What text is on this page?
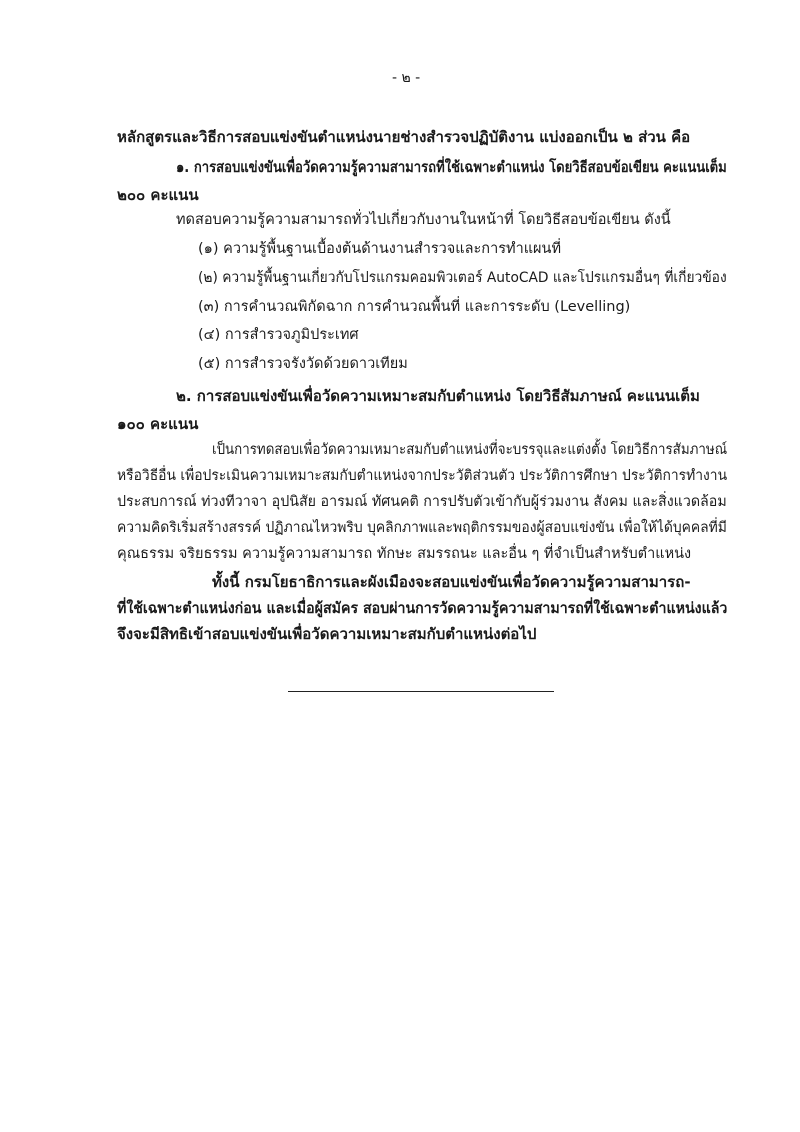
- ๒ -
หลักสูตรและวิธีการสอบแข่งขันตำแหน่งนายช่างสำรวจปฏิบัติงาน แบ่งออกเป็น ๒ ส่วน คือ
๑. การสอบแข่งขันเพื่อวัดความรู้ความสามารถที่ใช้เฉพาะตำแหน่ง โดยวิธีสอบข้อเขียน คะแนนเต็ม
๒๐๐ คะแนน
ทดสอบความรู้ความสามารถทั่วไปเกี่ยวกับงานในหน้าที่ โดยวิธีสอบข้อเขียน ดังนี้
(๑) ความรู้พื้นฐานเบื้องต้นด้านงานสำรวจและการทำแผนที่
(๒) ความรู้พื้นฐานเกี่ยวกับโปรแกรมคอมพิวเตอร์ AutoCAD และโปรแกรมอื่นๆ ที่เกี่ยวข้อง
(๓) การคำนวณพิกัดฉาก การคำนวณพื้นที่ และการระดับ (Levelling)
(๔) การสำรวจภูมิประเทศ
(๕) การสำรวจรังวัดด้วยดาวเทียม
๒. การสอบแข่งขันเพื่อวัดความเหมาะสมกับตำแหน่ง โดยวิธีสัมภาษณ์ คะแนนเต็ม
๑๐๐ คะแนน
เป็นการทดสอบเพื่อวัดความเหมาะสมกับตำแหน่งที่จะบรรจุและแต่งตั้ง โดยวิธีการสัมภาษณ์
หรือวิธีอื่น เพื่อประเมินความเหมาะสมกับตำแหน่งจากประวัติส่วนตัว ประวัติการศึกษา ประวัติการทำงาน
ประสบการณ์ ท่วงทีวาจา อุปนิสัย อารมณ์ ทัศนคติ การปรับตัวเข้ากับผู้ร่วมงาน สังคม และสิ่งแวดล้อม
ความคิดริเริ่มสร้างสรรค์ ปฏิภาณไหวพริบ บุคลิกภาพและพฤติกรรมของผู้สอบแข่งขัน เพื่อให้ได้บุคคลที่มี
คุณธรรม จริยธรรม ความรู้ความสามารถ ทักษะ สมรรถนะ และอื่น ๆ ที่จำเป็นสำหรับตำแหน่ง
ทั้งนี้ กรมโยธาธิการและผังเมืองจะสอบแข่งขันเพื่อวัดความรู้ความสามารถ-
ที่ใช้เฉพาะตำแหน่งก่อน และเมื่อผู้สมัคร สอบผ่านการวัดความรู้ความสามารถที่ใช้เฉพาะตำแหน่งแล้ว
จึงจะมีสิทธิเข้าสอบแข่งขันเพื่อวัดความเหมาะสมกับตำแหน่งต่อไป
